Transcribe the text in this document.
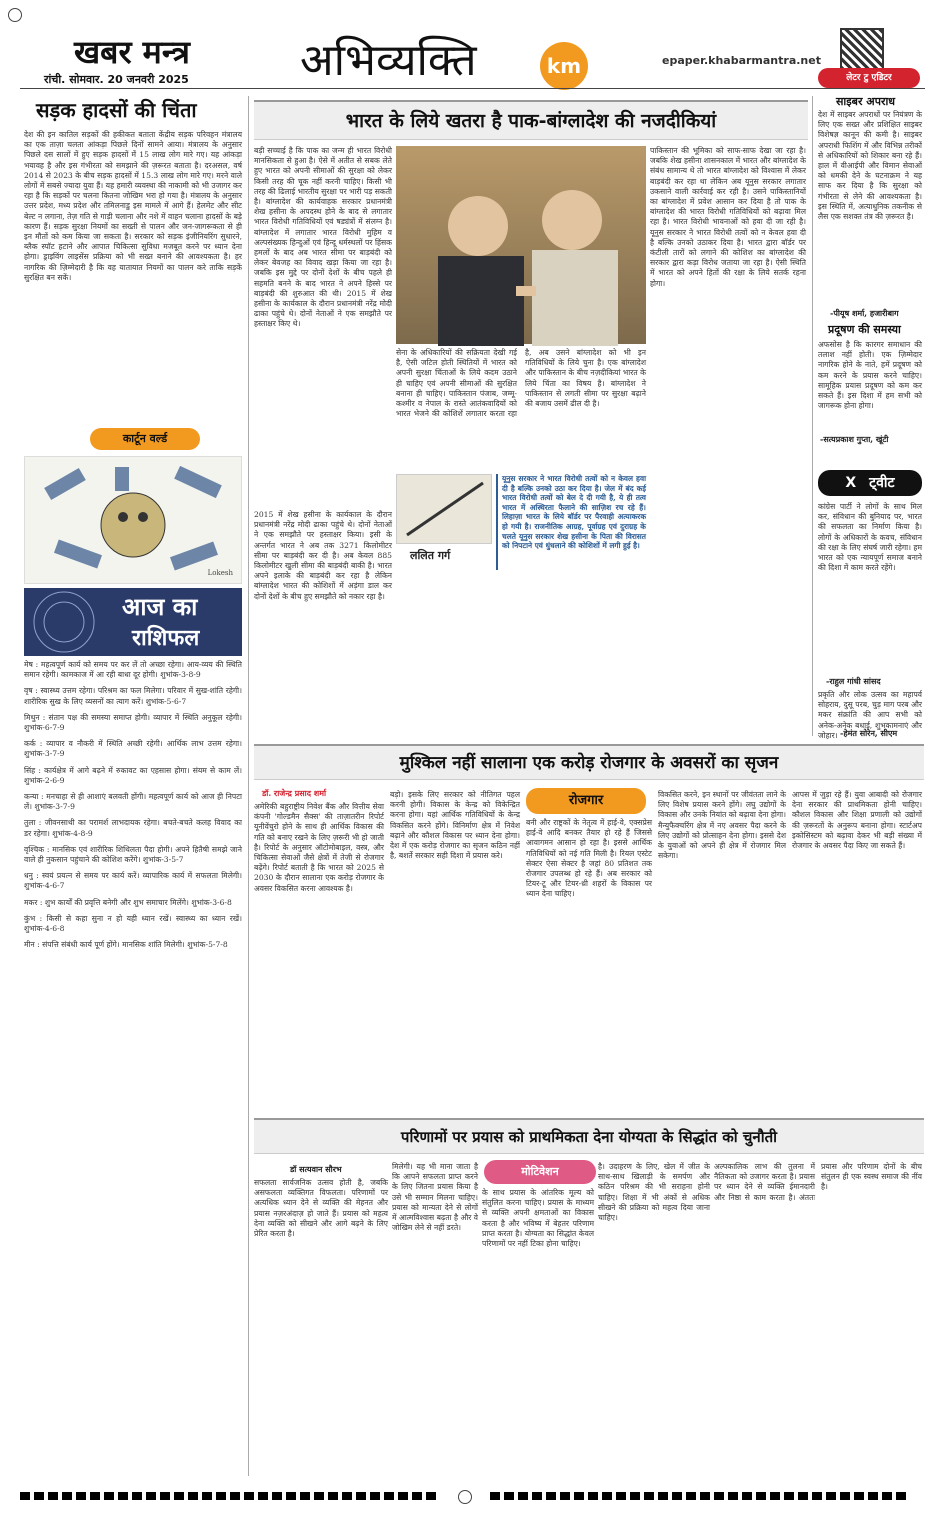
खबर मन्त्र
रांची. सोमवार. 20 जनवरी 2025	अभिव्यक्ति	km	epaper.khabarmantra.net
सड़क हादसों की चिंता
देश की इन कातिल सड़कों की हकीकत बताता केंद्रीय सड़क परिवहन मंत्रालय का एक ताज़ा चलता आंकड़ा पिछले दिनों सामने आया। मंत्रालय के अनुसार पिछले दस सालों में हुए सड़क हादसों में 15 लाख लोग मारे गए। यह आंकड़ा भयावह है और इस गंभीरता को समझाने की ज़रूरत बताता है। दरअसल, वर्ष 2014 से 2023 के बीच सड़क हादसों में 15.3 लाख लोग मारे गए। मरने वाले लोगों में सबसे ज्यादा युवा हैं। यह हमारी व्यवस्था की नाकामी को भी उजागर कर रहा है कि सड़कों पर चलना कितना जोखिम भरा हो गया है। मंत्रालय के अनुसार उत्तर प्रदेश, मध्य प्रदेश और तमिलनाडु इस मामले में आगे हैं। हेलमेट और सीट बेल्ट न लगाना, तेज़ गति से गाड़ी चलाना और नशे में वाहन चलाना हादसों के बड़े कारण हैं। सड़क सुरक्षा नियमों का सख्ती से पालन और जन-जागरूकता से ही इन मौतों को कम किया जा सकता है। सरकार को सड़क इंजीनियरिंग सुधारने, ब्लैक स्पॉट हटाने और आपात चिकित्सा सुविधा मजबूत करने पर ध्यान देना होगा। ड्राइविंग लाइसेंस प्रक्रिया को भी सख्त बनाने की आवश्यकता है। हर नागरिक की ज़िम्मेदारी है कि वह यातायात नियमों का पालन करे ताकि सड़कें सुरक्षित बन सकें।
कार्टून वर्ल्ड
Lokesh
आज का
राशिफल
मेष : महत्वपूर्ण कार्य को समय पर कर लें तो अच्छा रहेगा। आय-व्यय की स्थिति समान रहेगी। कामकाज में आ रही बाधा दूर होगी। शुभांक-3-8-9
वृष : स्वास्थ्य उत्तम रहेगा। परिश्रम का फल मिलेगा। परिवार में सुख-शांति रहेगी। शारीरिक सुख के लिए व्यसनों का त्याग करें। शुभांक-5-6-7
मिथुन : संतान पक्ष की समस्या समाप्त होगी। व्यापार में स्थिति अनुकूल रहेगी। शुभांक-6-7-9
कर्क : व्यापार व नौकरी में स्थिति अच्छी रहेगी। आर्थिक लाभ उत्तम रहेगा। शुभांक-3-7-9
सिंह : कार्यक्षेत्र में आगे बढ़ने में रुकावट का एहसास होगा। संयम से काम लें। शुभांक-2-6-9
कन्या : मनचाहा से ही आशाएं बलवती होंगी। महत्वपूर्ण कार्य को आज ही निपटा लें। शुभांक-3-7-9
तुला : जीवनसाथी का परामर्श लाभदायक रहेगा। बचते-बचते कलह विवाद का डर रहेगा। शुभांक-4-8-9
वृश्चिक : मानसिक एवं शारीरिक शिथिलता पैदा होगी। अपने हितैषी समझे जाने वाले ही नुकसान पहुंचाने की कोशिश करेंगे। शुभांक-3-5-7
धनु : स्वयं प्रयत्न से समय पर कार्य करें। व्यापारिक कार्य में सफलता मिलेगी। शुभांक-4-6-7
मकर : शुभ कार्यों की प्रवृत्ति बनेगी और शुभ समाचार मिलेंगे। शुभांक-3-6-8
कुंभ : किसी से कहा सुना न हो यही ध्यान रखें। स्वास्थ्य का ध्यान रखें। शुभांक-4-6-8
मीन : संपत्ति संबंधी कार्य पूर्ण होंगे। मानसिक शांति मिलेगी। शुभांक-5-7-8
भारत के लिये खतरा है पाक-बांग्लादेश की नजदीकियां
बड़ी सच्चाई है कि पाक का जन्म ही भारत विरोधी मानसिकता से हुआ है। ऐसे में अतीत से सबक लेते हुए भारत को अपनी सीमाओं की सुरक्षा को लेकर किसी तरह की चूक नहीं करनी चाहिए। किसी भी तरह की ढिलाई भारतीय सुरक्षा पर भारी पड़ सकती है। बांग्लादेश की कार्यवाहक सरकार प्रधानमंत्री शेख हसीना के अपदस्थ होने के बाद से लगातार भारत विरोधी गतिविधियों एवं षड्यंत्रों में संलग्न है। बांग्लादेश में लगातार भारत विरोधी मुहिम व अल्पसंख्यक हिन्दुओं एवं हिन्दू धर्मस्थलों पर हिंसक हमलों के बाद अब भारत सीमा पर बाड़बंदी को लेकर बेवजह का विवाद खड़ा किया जा रहा है। जबकि इस मुद्दे पर दोनों देशों के बीच पहले ही सहमति बनने के बाद भारत ने अपने हिस्से पर बाड़बंदी की शुरुआत की थी। 2015 में शेख हसीना के कार्यकाल के दौरान प्रधानमंत्री नरेंद्र मोदी ढाका पहुंचे थे। दोनों नेताओं ने एक समझौते पर हस्ताक्षर किए थे।
2015 में शेख हसीना के कार्यकाल के दौरान प्रधानमंत्री नरेंद्र मोदी ढाका पहुंचे थे। दोनों नेताओं ने एक समझौते पर हस्ताक्षर किया। इसी के अन्तर्गत भारत ने अब तक 3271 किलोमीटर सीमा पर बाड़बंदी कर दी है। अब केवल 885 किलोमीटर खुली सीमा की बाड़बंदी बाकी है। भारत अपने इलाके की बाड़बंदी कर रहा है लेकिन बांग्लादेश भारत की कोशिशों में अड़ंगा डाल कर दोनों देशों के बीच हुए समझौते को नकार रहा है।
सेना के अधिकारियों की सक्रियता देखी गई है, ऐसी जटिल होती स्थितियों में भारत को अपनी सुरक्षा चिंताओं के लिये कदम उठाने ही चाहिए एवं अपनी सीमाओं की सुरक्षित बनाना ही चाहिए। पाकिस्तान पंजाब, जम्मू-कश्मीर व नेपाल के रास्ते आतंकवादियों को भारत भेजने की कोशिशें लगातार करता रहा है, अब उसने बांग्लादेश को भी इन गतिविधियों के लिये चुना है। एक बांग्लादेश और पाकिस्तान के बीच नज़दीकियां भारत के लिये चिंता का विषय है। बांग्लादेश ने पाकिस्तान से लगती सीमा पर सुरक्षा बढ़ाने की बजाय उसमें ढील दी है।
ललित गर्ग
यूनुस सरकार ने भारत विरोधी तत्वों को न केवल हवा दी है बल्कि उनको उठा कर दिया है। जेल में बंद कई भारत विरोधी तत्वों को बेल दे दी गयी है, ये ही तत्व भारत में अस्थिरता फैलाने की साज़िश रच रहे हैं। लिहाज़ा भारत के लिये बॉर्डर पर पैरवाही अत्याकरक हो गयी है। राजनीतिक आग्रह, पूर्वाग्रह एवं दुराग्रह के चलते यूनुस सरकार शेख हसीना के पिता की विरासत को निपटाने एवं धुंधलाने की कोशिशों में लगी हुई है।
पाकिस्तान की भूमिका को साफ-साफ देखा जा रहा है। जबकि शेख हसीना शासनकाल में भारत और बांग्लादेश के संबंध सामान्य थे तो भारत बांग्लादेश को विश्वास में लेकर बाड़बंदी कर रहा था लेकिन अब यूनुस सरकार लगातार उकसाने वाली कार्रवाई कर रही है। उसने पाकिस्तानियों का बांग्लादेश में प्रवेश आसान कर दिया है तो पाक के बांग्लादेश की भारत विरोधी गतिविधियों को बढ़ावा मिल रहा है। भारत विरोधी भावनाओं को हवा दी जा रही है। यूनुस सरकार ने भारत विरोधी तत्वों को न केवल हवा दी है बल्कि उनको उठाकर दिया है। भारत द्वारा बॉर्डर पर कंटीली तारों को लगाने की कोशिश का बांग्लादेश की सरकार द्वारा कड़ा विरोध जताया जा रहा है। ऐसी स्थिति में भारत को अपने हितों की रक्षा के लिये सतर्क रहना होगा।
लेटर टु एडिटर
साइबर अपराध
देश में साइबर अपराधों पर नियंत्रण के लिए एक सख्त और प्रशिक्षित साइबर विशेषज्ञ कानून की कमी है। साइबर अपराधी फिशिंग में और विभिन्न तरीकों से अधिकारियों को शिकार बना रहे हैं। हाल में वीआईपी और विमान सेवाओं को धमकी देने के घटनाक्रम ने यह साफ कर दिया है कि सुरक्षा को गंभीरता से लेने की आवश्यकता है। इस स्थिति में, अत्याधुनिक तकनीक से लैस एक सशक्त तंत्र की ज़रूरत है।
-पीयूष शर्मा, हजारीबाग
प्रदूषण की समस्या
अफसोस है कि कारगर समाधान की तलाश नहीं होती। एक ज़िम्मेदार नागरिक होने के नाते, हमें प्रदूषण को कम करने के प्रयास करने चाहिए। सामूहिक प्रयास प्रदूषण को कम कर सकते हैं। इस दिशा में हम सभी को जागरूक होना होगा।
-सत्यप्रकाश गुप्ता, खूंटी
X ट्वीट
कांग्रेस पार्टी ने लोगों के साथ मिल कर, संविधान की बुनियाद पर, भारत की सफलता का निर्माण किया है। लोगों के अधिकारों के कवच, संविधान की रक्षा के लिए संघर्ष जारी रहेगा। हम भारत को एक न्यायपूर्ण समाज बनाने की दिशा में काम करते रहेंगे।
-राहुल गांधी सांसद
प्रकृति और लोक उत्सव का महापर्व सोहराय, दुसू परब, चुड़ माग परब और मकर संक्रांति की आप सभी को अनेक-अनेक बधाई, शुभकामनाएं और जोहार। -हेमंत सोरेन, सीएम
मुश्किल नहीं सालाना एक करोड़ रोजगार के अवसरों का सृजन
डॉ. राजेन्द्र प्रसाद शर्मा
अमेरिकी बहुराष्ट्रीय निवेश बैंक और वित्तीय सेवा कंपनी 'गोल्डमैन सैक्स' की ताज़ातरीन रिपोर्ट यूनीवेंचुरो होने के साथ ही आर्थिक विकास की गति को बनाए रखने के लिए ज़रूरी भी हो जाती है। रिपोर्ट के अनुसार ऑटोमोबाइल, वस्त्र, और चिकित्सा सेवाओं जैसे क्षेत्रों में तेजी से रोजगार बढ़ेंगे। रिपोर्ट बताती है कि भारत को 2025 से 2030 के दौरान सालाना एक करोड़ रोजगार के अवसर विकसित करना आवश्यक है।
बड़ो। इसके लिए सरकार को नीतिगत पहल करनी होगी। विकास के केन्द्र को विकेन्द्रित करना होगा। यहां आर्थिक गतिविधियों के केन्द्र विकसित करने होंगे। विनिर्माण क्षेत्र में निवेश बढ़ाने और कौशल विकास पर ध्यान देना होगा। देश में एक करोड़ रोजगार का सृजन कठिन नहीं है, बशर्ते सरकार सही दिशा में प्रयास करे।
रोजगार
बनी और राष्ट्रकों के नेतृत्व में हाई-वे, एक्सप्रेस हाई-वे आदि बनकर तैयार हो रहे हैं जिससे आवागमन आसान हो रहा है। इससे आर्थिक गतिविधियों को नई गति मिली है। रियल एस्टेट सेक्टर ऐसा सेक्टर है जहां 80 प्रतिशत तक रोजगार उपलब्ध हो रहे हैं। अब सरकार को टियर-टू और टियर-थ्री शहरों के विकास पर ध्यान देना चाहिए।
विकसित करने, इन स्थानों पर जीवंतता लाने के लिए विशेष प्रयास करने होंगे। लघु उद्योगों के विकास और उनके नियांत को बढ़ावा देना होगा। मैन्युफैक्चरिंग क्षेत्र में नए अवसर पैदा करने के लिए उद्योगों को प्रोत्साहन देना होगा। इससे देश के युवाओं को अपने ही क्षेत्र में रोजगार मिल सकेगा।
आपस में जुड़ा रहे हैं। युवा आबादी को रोजगार देना सरकार की प्राथमिकता होनी चाहिए। कौशल विकास और शिक्षा प्रणाली को उद्योगों की ज़रूरतों के अनुरूप बनाना होगा। स्टार्टअप इकोसिस्टम को बढ़ावा देकर भी बड़ी संख्या में रोजगार के अवसर पैदा किए जा सकते हैं।
परिणामों पर प्रयास को प्राथमिकता देना योग्यता के सिद्धांत को चुनौती
डॉ सत्यवान सौरभ
सफलता सार्वजनिक उत्सव होती है, जबकि असफलता व्यक्तिगत विफलता। परिणामों पर अत्यधिक ध्यान देने से व्यक्ति की मेहनत और प्रयास नज़रअंदाज़ हो जाते हैं। प्रयास को महत्व देना व्यक्ति को सीखने और आगे बढ़ने के लिए प्रेरित करता है।
मिलेगी। यह भी माना जाता है कि आपने सफलता प्राप्त करने के लिए जितना प्रयास किया है उसे भी सम्मान मिलना चाहिए। प्रयास को मान्यता देने से लोगों में आत्मविश्वास बढ़ता है और वे जोखिम लेने से नहीं डरते।
मोटिवेशन
के साथ प्रयास के आंतरिक मूल्य को संतुलित करना चाहिए। प्रयास के माध्यम से व्यक्ति अपनी क्षमताओं का विकास करता है और भविष्य में बेहतर परिणाम प्राप्त करता है। योग्यता का सिद्धांत केवल परिणामों पर नहीं टिका होना चाहिए।
है। उदाहरण के लिए, खेल में जीत के साथ-साथ खिलाड़ी के समर्पण और कठिन परिश्रम की भी सराहना होनी चाहिए। शिक्षा में भी अंकों से अधिक सीखने की प्रक्रिया को महत्व दिया जाना चाहिए।
अल्पकालिक लाभ की तुलना में नैतिकता को उजागर करता है। प्रयास पर ध्यान देने से व्यक्ति ईमानदारी और निष्ठा से काम करता है। अंततः प्रयास और परिणाम दोनों के बीच संतुलन ही एक स्वस्थ समाज की नींव है।
